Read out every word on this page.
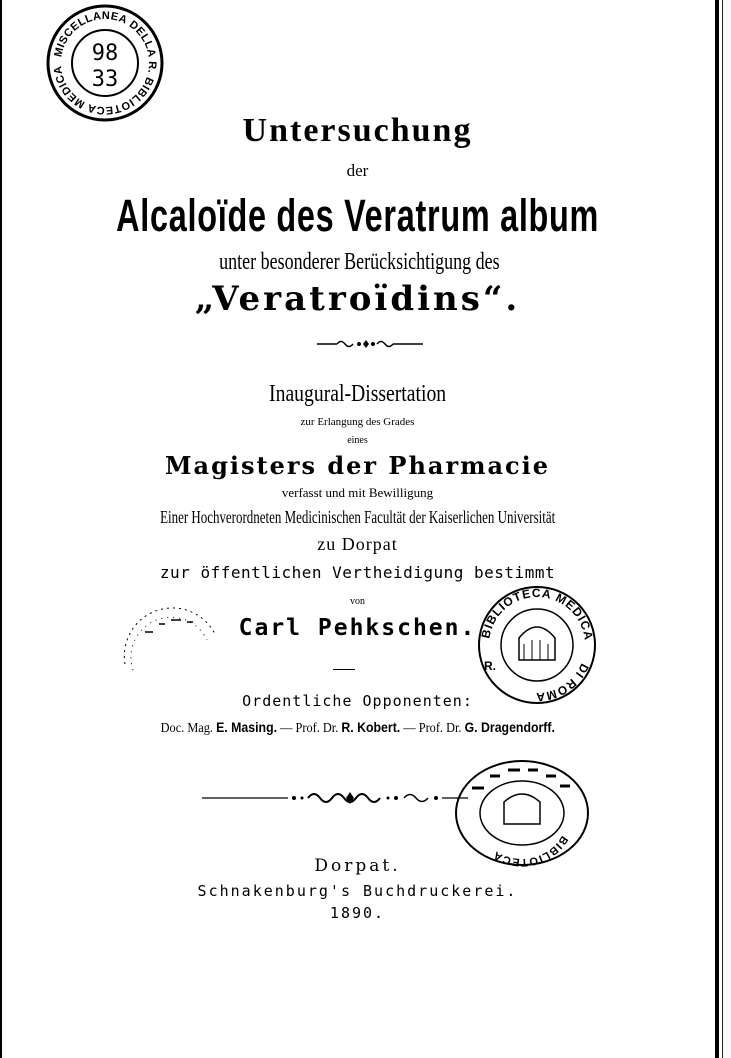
MISCELLANEA DELLA R. BIBLIOTECA MEDICA
98
33
Untersuchung
der
Alcaloïde des Veratrum album
unter besonderer Berücksichtigung des
„Veratroïdins“.
Inaugural-Dissertation
zur Erlangung des Grades
eines
Magisters der Pharmacie
verfasst und mit Bewilligung
Einer Hochverordneten Medicinischen Facultät der Kaiserlichen Universität
zu Dorpat
zur öffentlichen Vertheidigung bestimmt
von
Carl Pehkschen. BIBLIOTECA MEDICA
DI ROMA
R.
Ordentliche Opponenten:
Doc. Mag. E. Masing. — Prof. Dr. R. Kobert. — Prof. Dr. G. Dragendorff.
BIBLIOTECA
Dorpat.
Schnakenburg's Buchdruckerei.
1890.
